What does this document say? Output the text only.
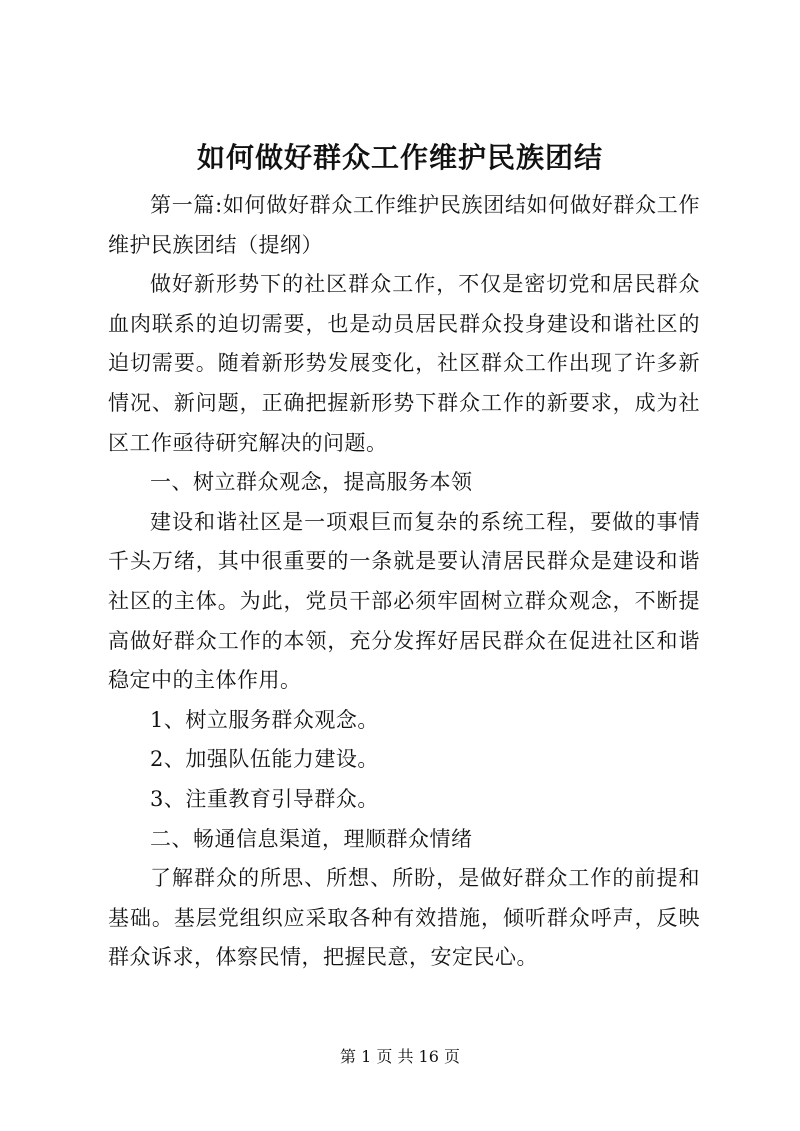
如何做好群众工作维护民族团结

第一篇:如何做好群众工作维护民族团结如何做好群众工作维护民族团结（提纲）

做好新形势下的社区群众工作，不仅是密切党和居民群众血肉联系的迫切需要，也是动员居民群众投身建设和谐社区的迫切需要。随着新形势发展变化，社区群众工作出现了许多新情况、新问题，正确把握新形势下群众工作的新要求，成为社区工作亟待研究解决的问题。

一、树立群众观念，提高服务本领

建设和谐社区是一项艰巨而复杂的系统工程，要做的事情千头万绪，其中很重要的一条就是要认清居民群众是建设和谐社区的主体。为此，党员干部必须牢固树立群众观念，不断提高做好群众工作的本领，充分发挥好居民群众在促进社区和谐稳定中的主体作用。

1、树立服务群众观念。

2、加强队伍能力建设。

3、注重教育引导群众。

二、畅通信息渠道，理顺群众情绪

了解群众的所思、所想、所盼，是做好群众工作的前提和基础。基层党组织应采取各种有效措施，倾听群众呼声，反映群众诉求，体察民情，把握民意，安定民心。

第 1 页 共 16 页
